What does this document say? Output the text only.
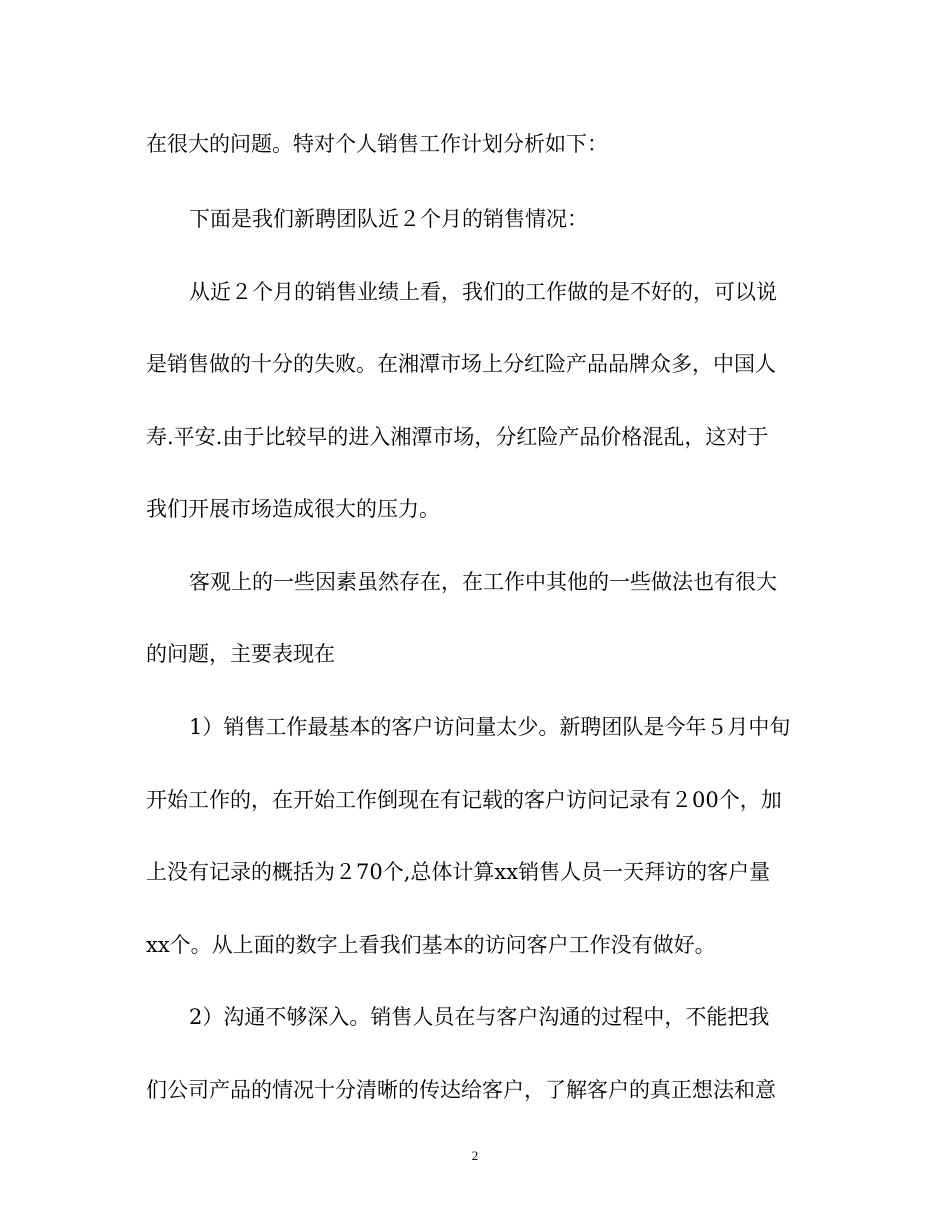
在很大的问题。特对个人销售工作计划分析如下：
下面是我们新聘团队近２个月的销售情况：
从近２个月的销售业绩上看，我们的工作做的是不好的，可以说
是销售做的十分的失败。在湘潭市场上分红险产品品牌众多，中国人
寿.平安.由于比较早的进入湘潭市场，分红险产品价格混乱，这对于
我们开展市场造成很大的压力。
客观上的一些因素虽然存在，在工作中其他的一些做法也有很大
的问题，主要表现在
1）销售工作最基本的客户访问量太少。新聘团队是今年５月中旬
开始工作的，在开始工作倒现在有记载的客户访问记录有２00个，加
上没有记录的概括为２70个,总体计算xx销售人员一天拜访的客户量
xx个。从上面的数字上看我们基本的访问客户工作没有做好。
2）沟通不够深入。销售人员在与客户沟通的过程中，不能把我
们公司产品的情况十分清晰的传达给客户，了解客户的真正想法和意
2
